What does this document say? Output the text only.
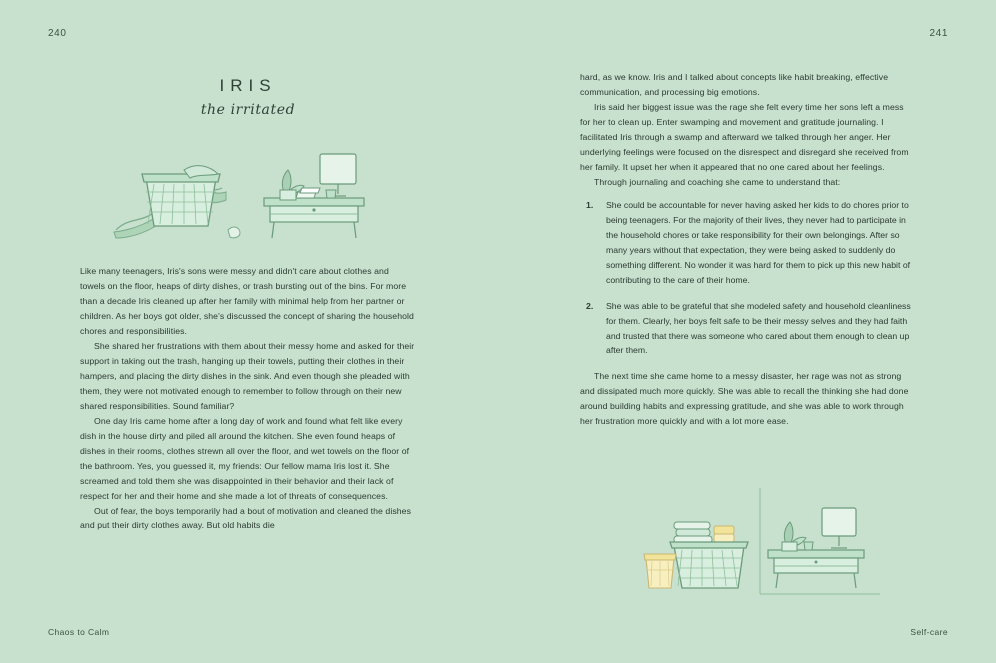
240	241
IRIS
the irritated

Like many teenagers, Iris's sons were messy and didn't care about clothes and towels on the floor, heaps of dirty dishes, or trash bursting out of the bins. For more than a decade Iris cleaned up after her family with minimal help from her partner or children. As her boys got older, she's discussed the concept of sharing the household chores and responsibilities.

She shared her frustrations with them about their messy home and asked for their support in taking out the trash, hanging up their towels, putting their clothes in their hampers, and placing the dirty dishes in the sink. And even though she pleaded with them, they were not motivated enough to remember to follow through on their new shared responsibilities. Sound familiar?

One day Iris came home after a long day of work and found what felt like every dish in the house dirty and piled all around the kitchen. She even found heaps of dishes in their rooms, clothes strewn all over the floor, and wet towels on the floor of the bathroom. Yes, you guessed it, my friends: Our fellow mama Iris lost it. She screamed and told them she was disappointed in their behavior and their lack of respect for her and their home and she made a lot of threats of consequences.

Out of fear, the boys temporarily had a bout of motivation and cleaned the dishes and put their dirty clothes away. But old habits die

hard, as we know. Iris and I talked about concepts like habit breaking, effective communication, and processing big emotions.

Iris said her biggest issue was the rage she felt every time her sons left a mess for her to clean up. Enter swamping and movement and gratitude journaling. I facilitated Iris through a swamp and afterward we talked through her anger. Her underlying feelings were focused on the disrespect and disregard she received from her family. It upset her when it appeared that no one cared about her feelings.

Through journaling and coaching she came to understand that:

1. She could be accountable for never having asked her kids to do chores prior to being teenagers. For the majority of their lives, they never had to participate in the household chores or take responsibility for their own belongings. After so many years without that expectation, they were being asked to suddenly do something different. No wonder it was hard for them to pick up this new habit of contributing to the care of their home.
2. She was able to be grateful that she modeled safety and household cleanliness for them. Clearly, her boys felt safe to be their messy selves and they had faith and trusted that there was someone who cared about them enough to clean up after them.

The next time she came home to a messy disaster, her rage was not as strong and dissipated much more quickly. She was able to recall the thinking she had done around building habits and expressing gratitude, and she was able to work through her frustration more quickly and with a lot more ease.

Chaos to Calm	Self-care
